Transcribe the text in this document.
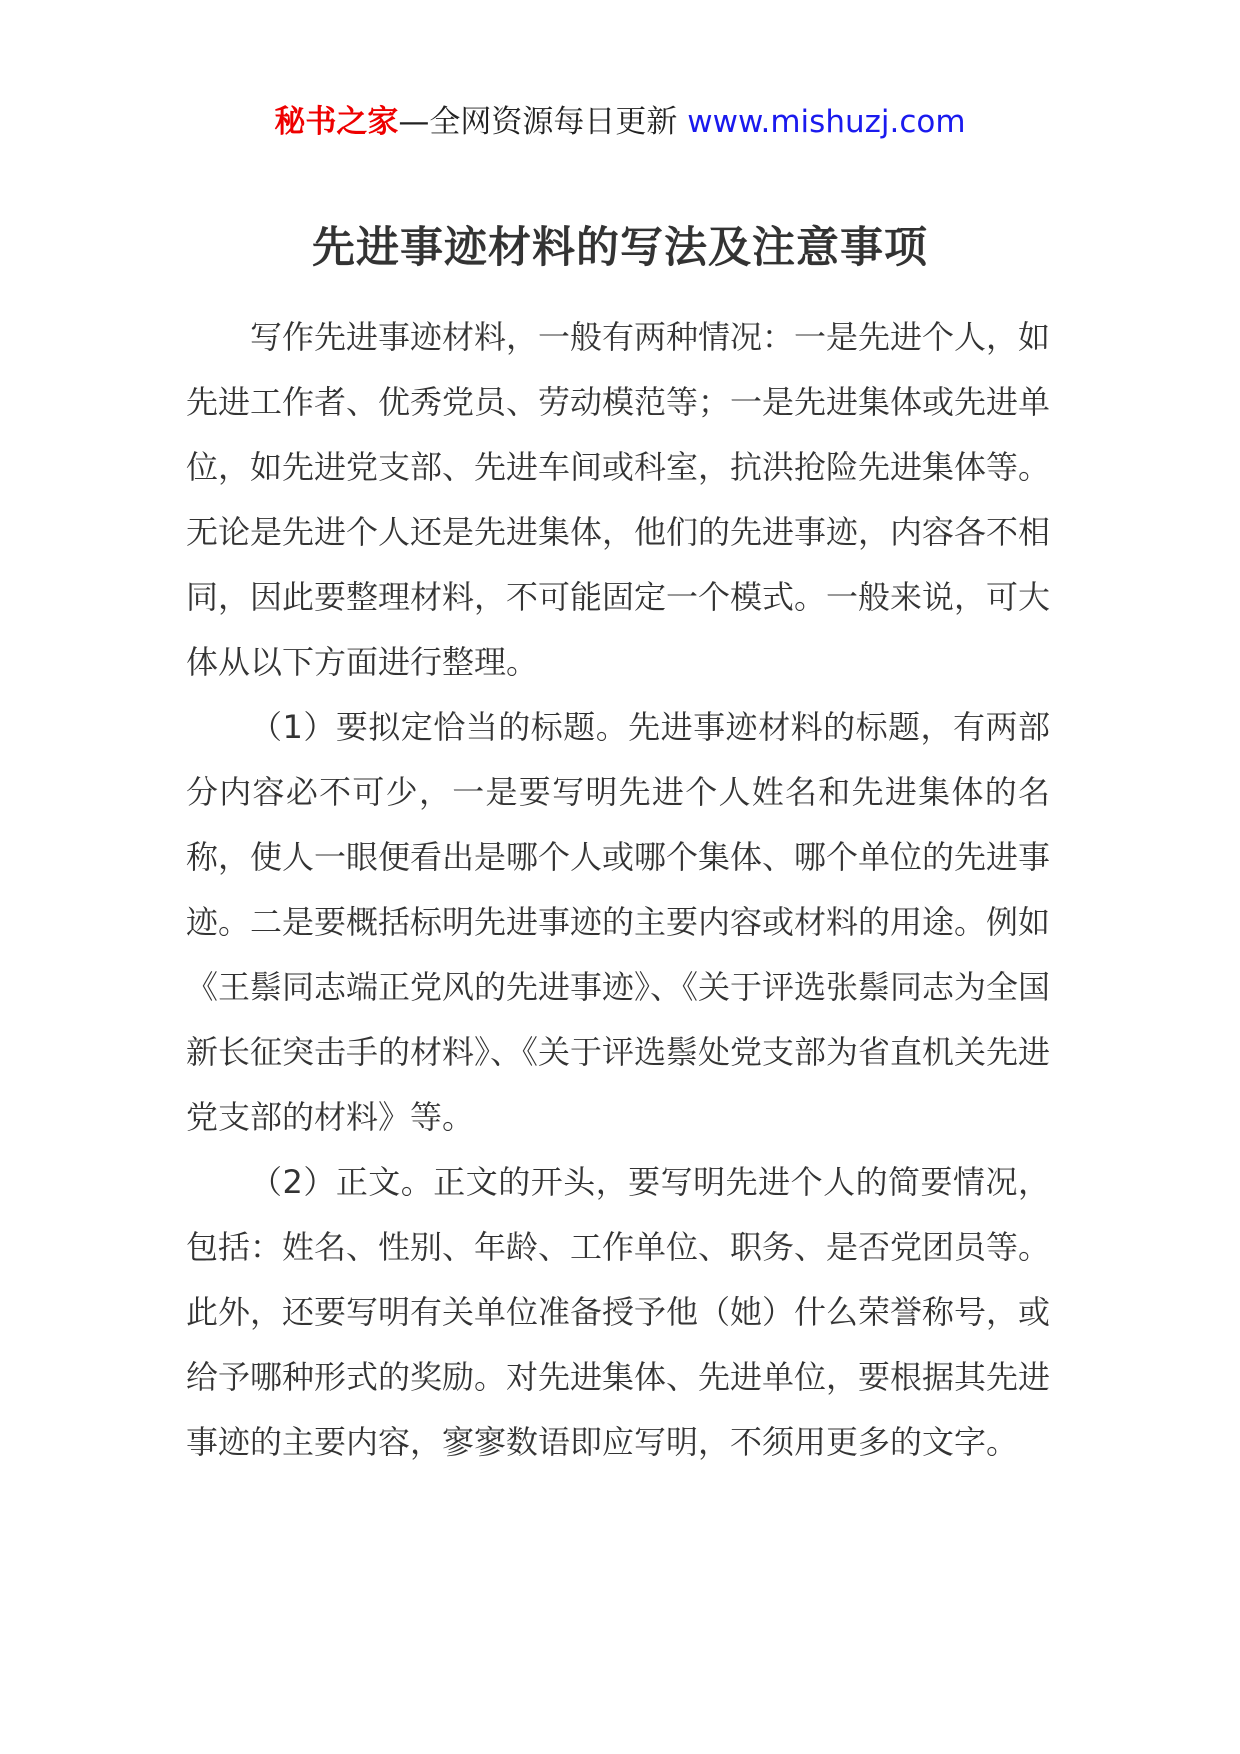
秘书之家—全网资源每日更新 www.mishuzj.com
先进事迹材料的写法及注意事项

写作先进事迹材料，一般有两种情况：一是先进个人，如先进工作者、优秀党员、劳动模范等；一是先进集体或先进单位，如先进党支部、先进车间或科室，抗洪抢险先进集体等。无论是先进个人还是先进集体，他们的先进事迹，内容各不相同，因此要整理材料，不可能固定一个模式。一般来说，可大体从以下方面进行整理。

（1）要拟定恰当的标题。先进事迹材料的标题，有两部分内容必不可少，一是要写明先进个人姓名和先进集体的名称，使人一眼便看出是哪个人或哪个集体、哪个单位的先进事迹。二是要概括标明先进事迹的主要内容或材料的用途。例如《王鬃同志端正党风的先进事迹》、《关于评选张鬃同志为全国新长征突击手的材料》、《关于评选鬃处党支部为省直机关先进党支部的材料》等。

（2）正文。正文的开头，要写明先进个人的简要情况，包括：姓名、性别、年龄、工作单位、职务、是否党团员等。此外，还要写明有关单位准备授予他（她）什么荣誉称号，或给予哪种形式的奖励。对先进集体、先进单位，要根据其先进事迹的主要内容，寥寥数语即应写明，不须用更多的文字。
